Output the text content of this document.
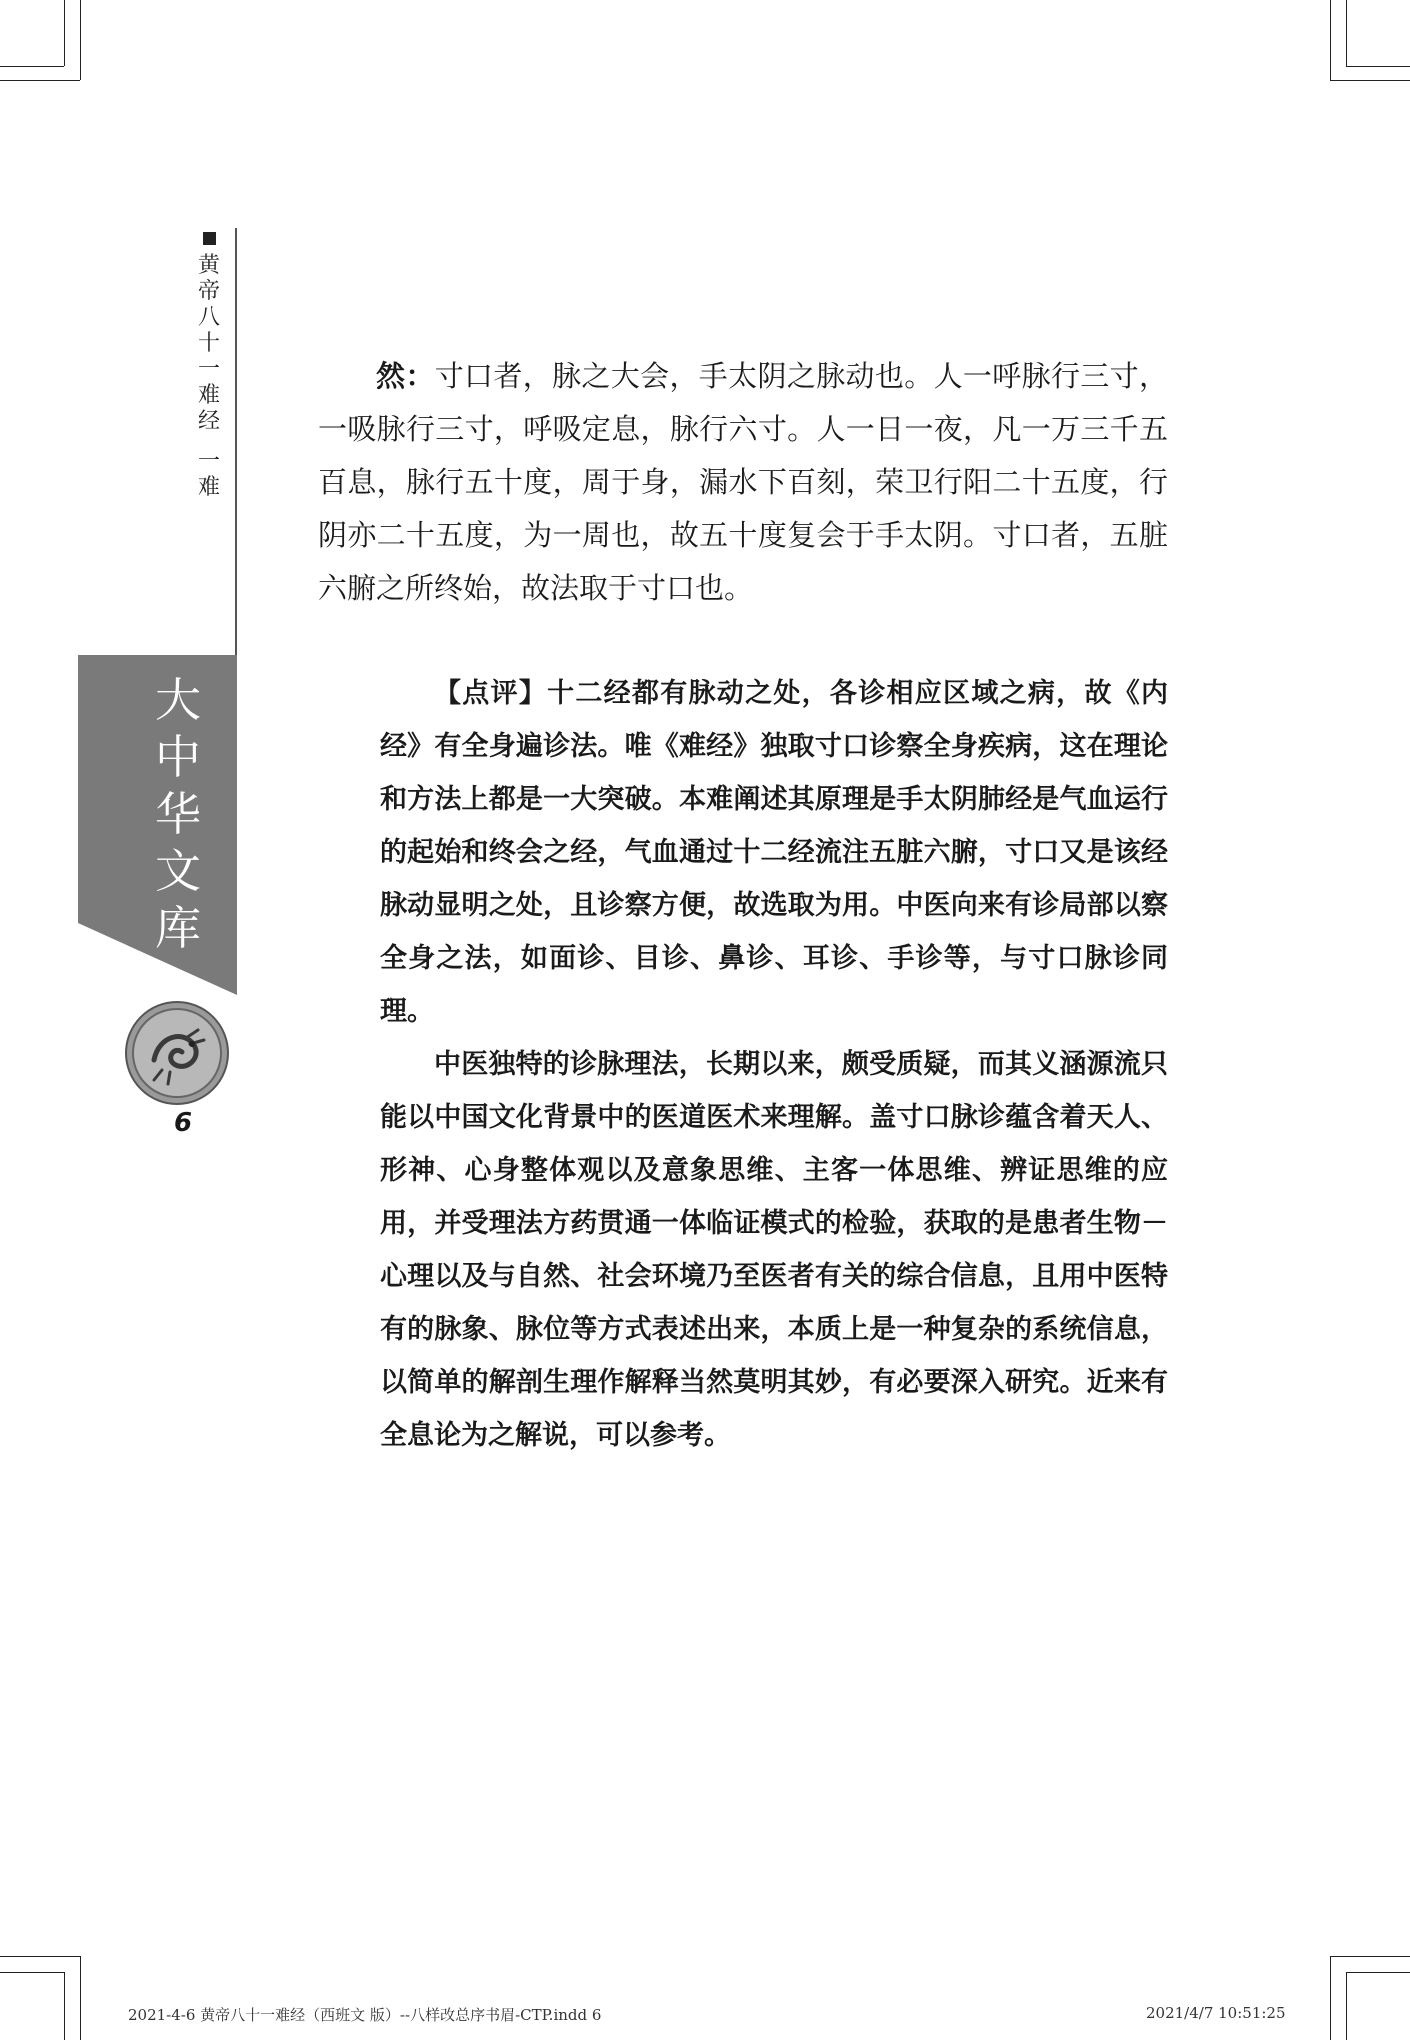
黄帝八十一难经
一难
大中华文库
6

然：寸口者，脉之大会，手太阴之脉动也。人一呼脉行三寸，一吸脉行三寸，呼吸定息，脉行六寸。人一日一夜，凡一万三千五百息，脉行五十度，周于身，漏水下百刻，荣卫行阳二十五度，行阴亦二十五度，为一周也，故五十度复会于手太阴。寸口者，五脏六腑之所终始，故法取于寸口也。

【点评】十二经都有脉动之处，各诊相应区域之病，故《内经》有全身遍诊法。唯《难经》独取寸口诊察全身疾病，这在理论和方法上都是一大突破。本难阐述其原理是手太阴肺经是气血运行的起始和终会之经，气血通过十二经流注五脏六腑，寸口又是该经脉动显明之处，且诊察方便，故选取为用。中医向来有诊局部以察全身之法，如面诊、目诊、鼻诊、耳诊、手诊等，与寸口脉诊同理。

中医独特的诊脉理法，长期以来，颇受质疑，而其义涵源流只能以中国文化背景中的医道医术来理解。盖寸口脉诊蕴含着天人、形神、心身整体观以及意象思维、主客一体思维、辨证思维的应用，并受理法方药贯通一体临证模式的检验，获取的是患者生物－心理以及与自然、社会环境乃至医者有关的综合信息，且用中医特有的脉象、脉位等方式表述出来，本质上是一种复杂的系统信息，以简单的解剖生理作解释当然莫明其妙，有必要深入研究。近来有全息论为之解说，可以参考。

2021-4-6 黄帝八十一难经（西班文 版）--八样改总序书眉-CTP.indd 6	2021/4/7 10:51:25
